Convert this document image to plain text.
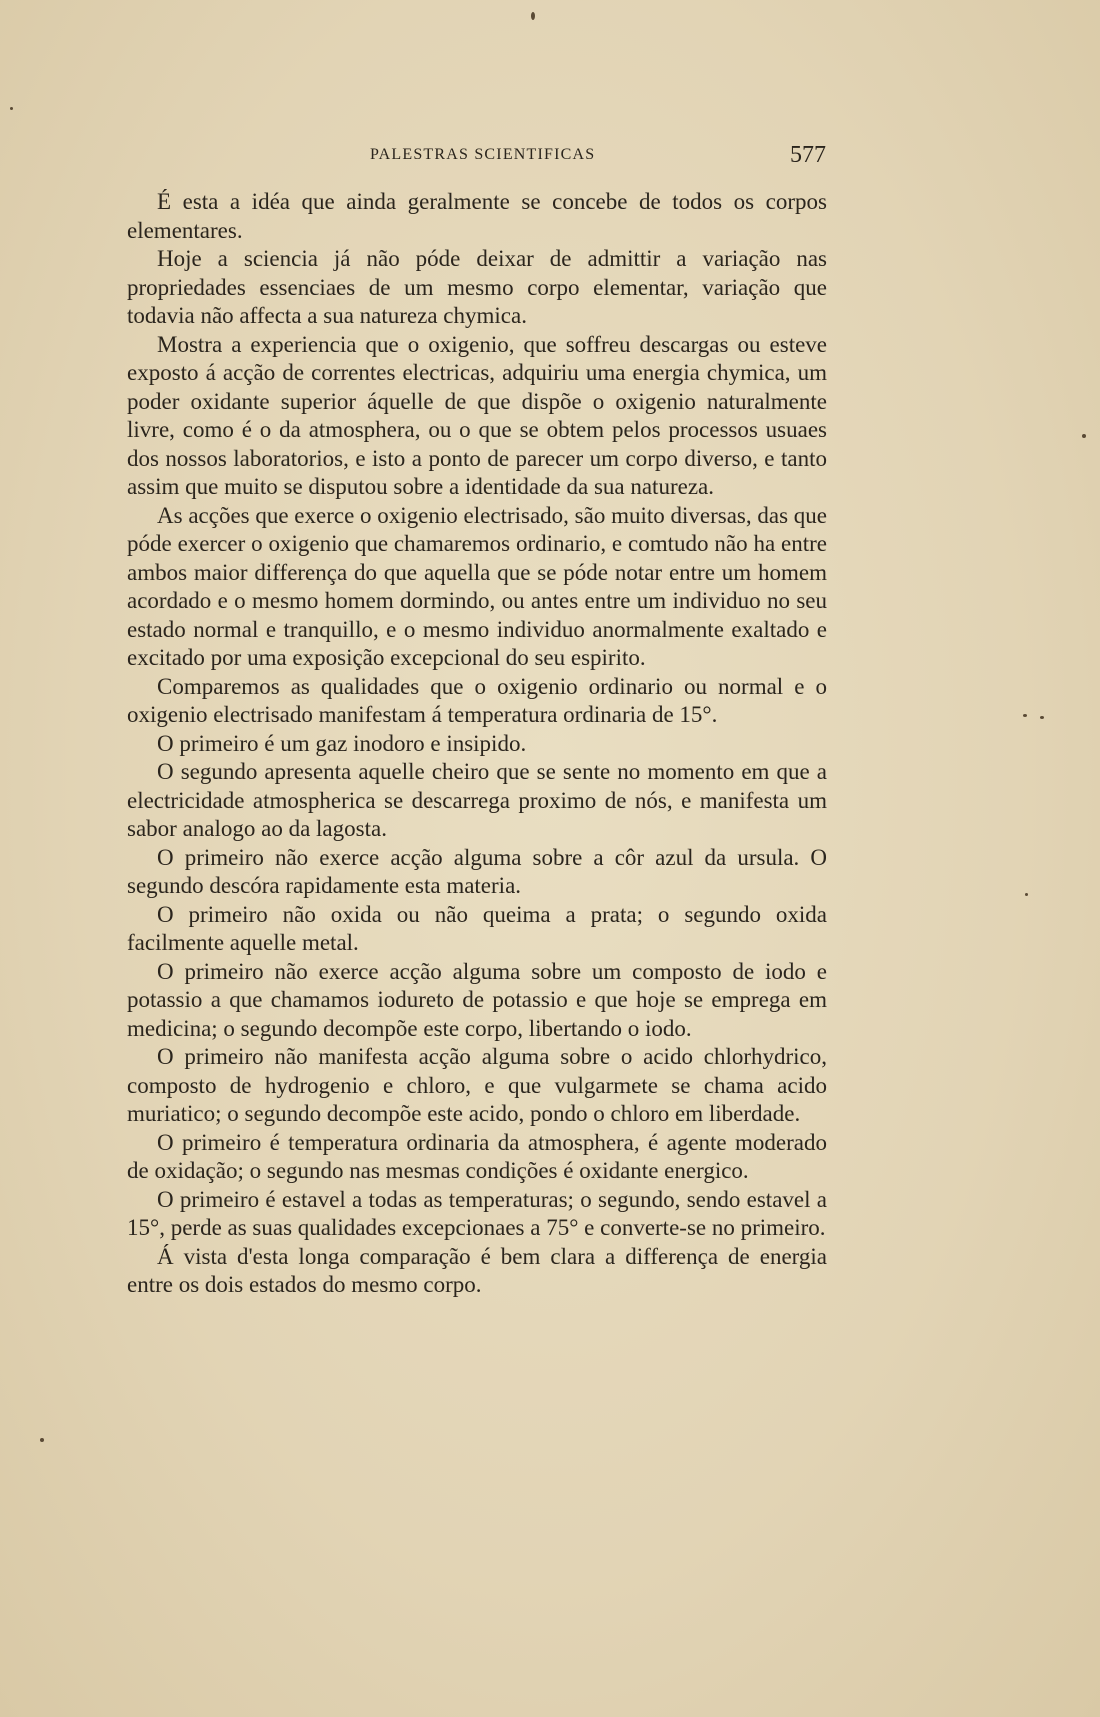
PALESTRAS SCIENTIFICAS	577

É esta a idéa que ainda geralmente se concebe de todos os corpos elementares.

Hoje a sciencia já não póde deixar de admittir a variação nas propriedades essenciaes de um mesmo corpo elementar, variação que todavia não affecta a sua natureza chymica.

Mostra a experiencia que o oxigenio, que soffreu descargas ou esteve exposto á acção de correntes electricas, adquiriu uma energia chymica, um poder oxidante superior áquelle de que dispõe o oxigenio naturalmente livre, como é o da atmosphera, ou o que se obtem pelos processos usuaes dos nossos laboratorios, e isto a ponto de parecer um corpo diverso, e tanto assim que muito se disputou sobre a identidade da sua natureza.

As acções que exerce o oxigenio electrisado, são muito diversas, das que póde exercer o oxigenio que chamaremos ordinario, e comtudo não ha entre ambos maior differença do que aquella que se póde notar entre um homem acordado e o mesmo homem dormindo, ou antes entre um individuo no seu estado normal e tranquillo, e o mesmo individuo anormalmente exaltado e excitado por uma exposição excepcional do seu espirito.

Comparemos as qualidades que o oxigenio ordinario ou normal e o oxigenio electrisado manifestam á temperatura ordinaria de 15°.

O primeiro é um gaz inodoro e insipido.

O segundo apresenta aquelle cheiro que se sente no momento em que a electricidade atmospherica se descarrega proximo de nós, e manifesta um sabor analogo ao da lagosta.

O primeiro não exerce acção alguma sobre a côr azul da ursula. O segundo descóra rapidamente esta materia.

O primeiro não oxida ou não queima a prata; o segundo oxida facilmente aquelle metal.

O primeiro não exerce acção alguma sobre um composto de iodo e potassio a que chamamos iodureto de potassio e que hoje se emprega em medicina; o segundo decompõe este corpo, libertando o iodo.

O primeiro não manifesta acção alguma sobre o acido chlorhydrico, composto de hydrogenio e chloro, e que vulgarmete se chama acido muriatico; o segundo decompõe este acido, pondo o chloro em liberdade.

O primeiro é temperatura ordinaria da atmosphera, é agente moderado de oxidação; o segundo nas mesmas condições é oxidante energico.

O primeiro é estavel a todas as temperaturas; o segundo, sendo estavel a 15°, perde as suas qualidades excepcionaes a 75° e converte-se no primeiro.

Á vista d'esta longa comparação é bem clara a differença de energia entre os dois estados do mesmo corpo.
